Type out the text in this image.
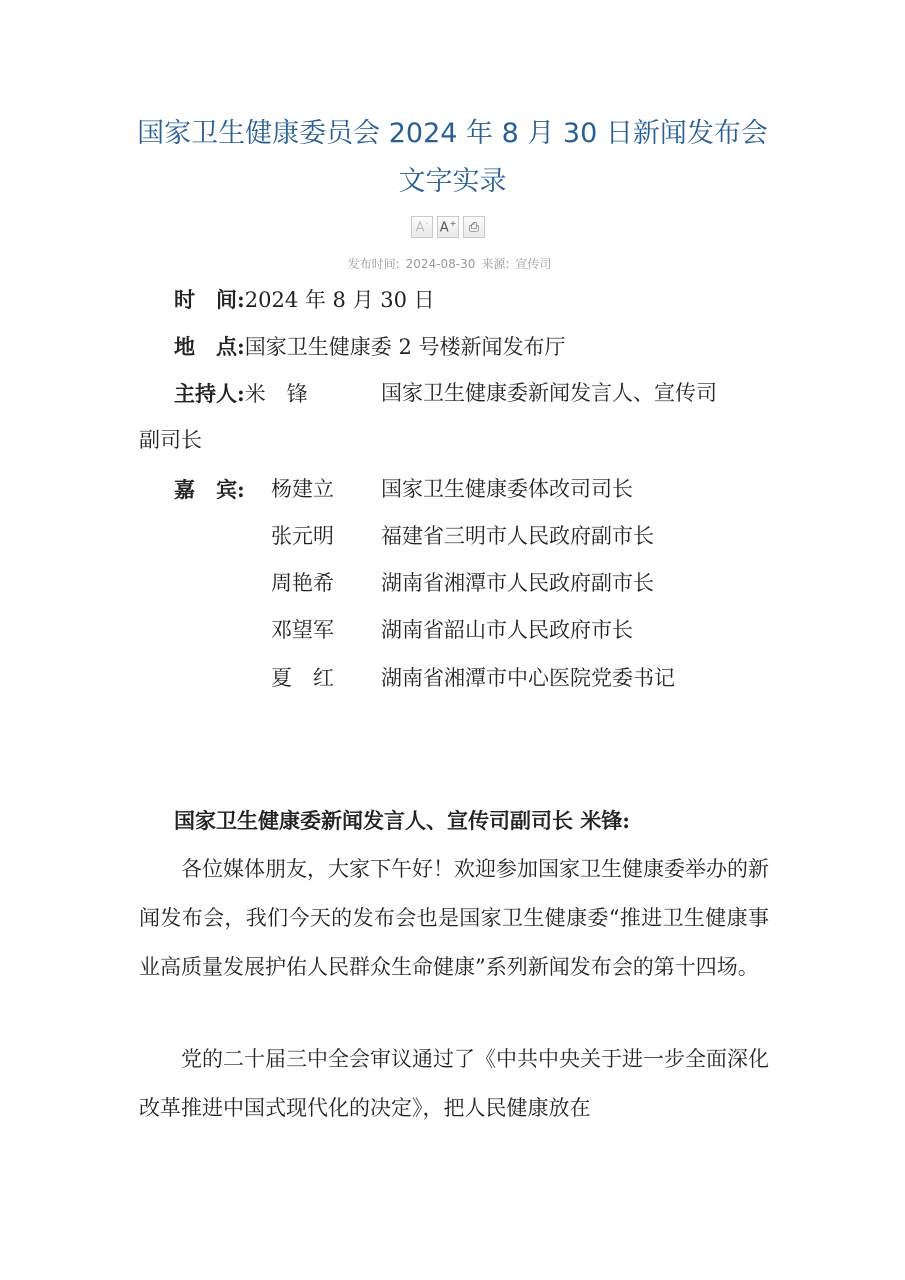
国家卫生健康委员会 2024 年 8 月 30 日新闻发布会
文字实录
A- A+ ⎙
发布时间: 2024-08-30 来源: 宣传司
时　间:2024 年 8 月 30 日
地　点:国家卫生健康委 2 号楼新闻发布厅
主持人:米　锋	国家卫生健康委新闻发言人、宣传司
副司长
嘉　宾: 杨建立 国家卫生健康委体改司司长
张元明 福建省三明市人民政府副市长
周艳希 湖南省湘潭市人民政府副市长
邓望军 湖南省韶山市人民政府市长
夏　红 湖南省湘潭市中心医院党委书记
国家卫生健康委新闻发言人、宣传司副司长 米锋:

各位媒体朋友，大家下午好！欢迎参加国家卫生健康委举办的新闻发布会，我们今天的发布会也是国家卫生健康委“推进卫生健康事业高质量发展护佑人民群众生命健康”系列新闻发布会的第十四场。

党的二十届三中全会审议通过了《中共中央关于进一步全面深化改革推进中国式现代化的决定》，把人民健康放在
